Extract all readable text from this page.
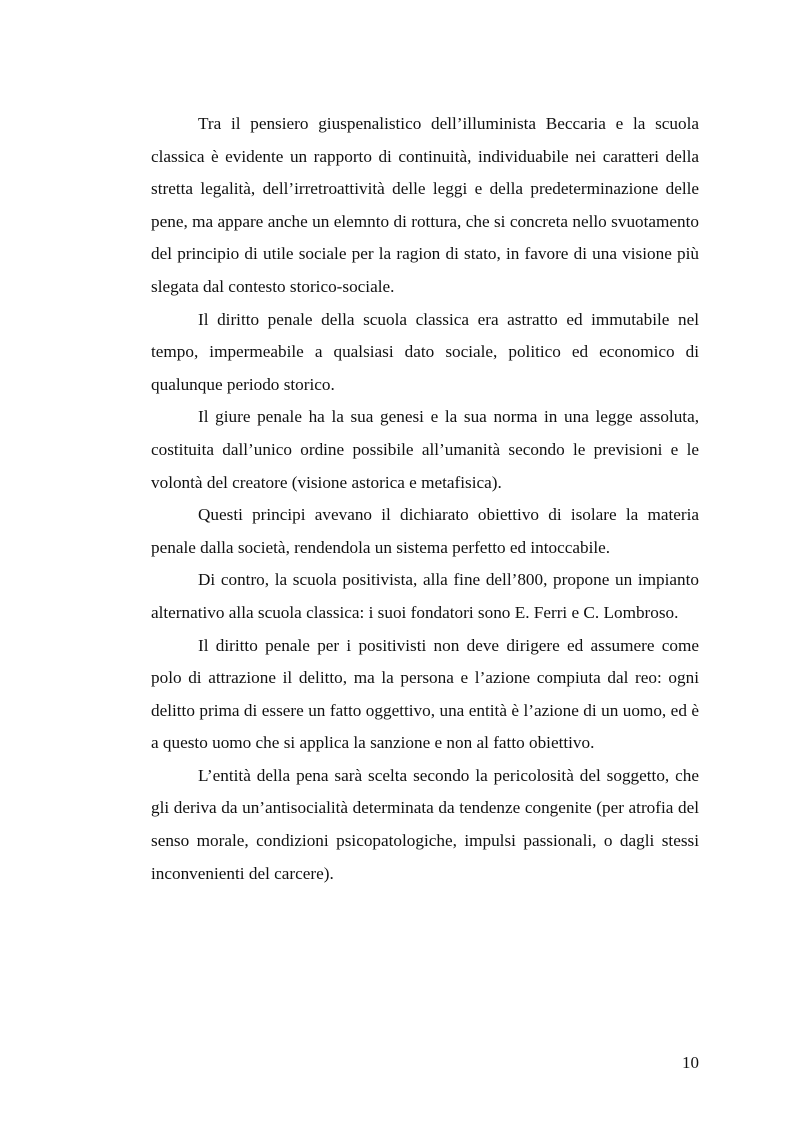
Tra il pensiero giuspenalistico dell’illuminista Beccaria e la scuola classica è evidente un rapporto di continuità, individuabile nei caratteri della stretta legalità, dell’irretroattività delle leggi e della predeterminazione delle pene, ma appare anche un elemnto di rottura, che si concreta nello svuotamento del principio di utile sociale per la ragion di stato, in favore di una visione più slegata dal contesto storico-sociale.

Il diritto penale della scuola classica era astratto ed immutabile nel tempo, impermeabile a qualsiasi dato sociale, politico ed economico di qualunque periodo storico.

Il giure penale ha la sua genesi e la sua norma in una legge assoluta, costituita dall’unico ordine possibile all’umanità secondo le previsioni e le volontà del creatore (visione astorica e metafisica).

Questi principi avevano il dichiarato obiettivo di isolare la materia penale dalla società, rendendola un sistema perfetto ed intoccabile.

Di contro, la scuola positivista, alla fine dell’800, propone un impianto alternativo alla scuola classica: i suoi fondatori sono E. Ferri e C. Lombroso.

Il diritto penale per i positivisti non deve dirigere ed assumere come polo di attrazione il delitto, ma la persona e l’azione compiuta dal reo: ogni delitto prima di essere un fatto oggettivo, una entità è l’azione di un uomo, ed è a questo uomo che si applica la sanzione e non al fatto obiettivo.

L’entità della pena sarà scelta secondo la pericolosità del soggetto, che gli deriva da un’antisocialità determinata da tendenze congenite (per atrofia del senso morale, condizioni psicopatologiche, impulsi passionali, o dagli stessi inconvenienti del carcere).

10
